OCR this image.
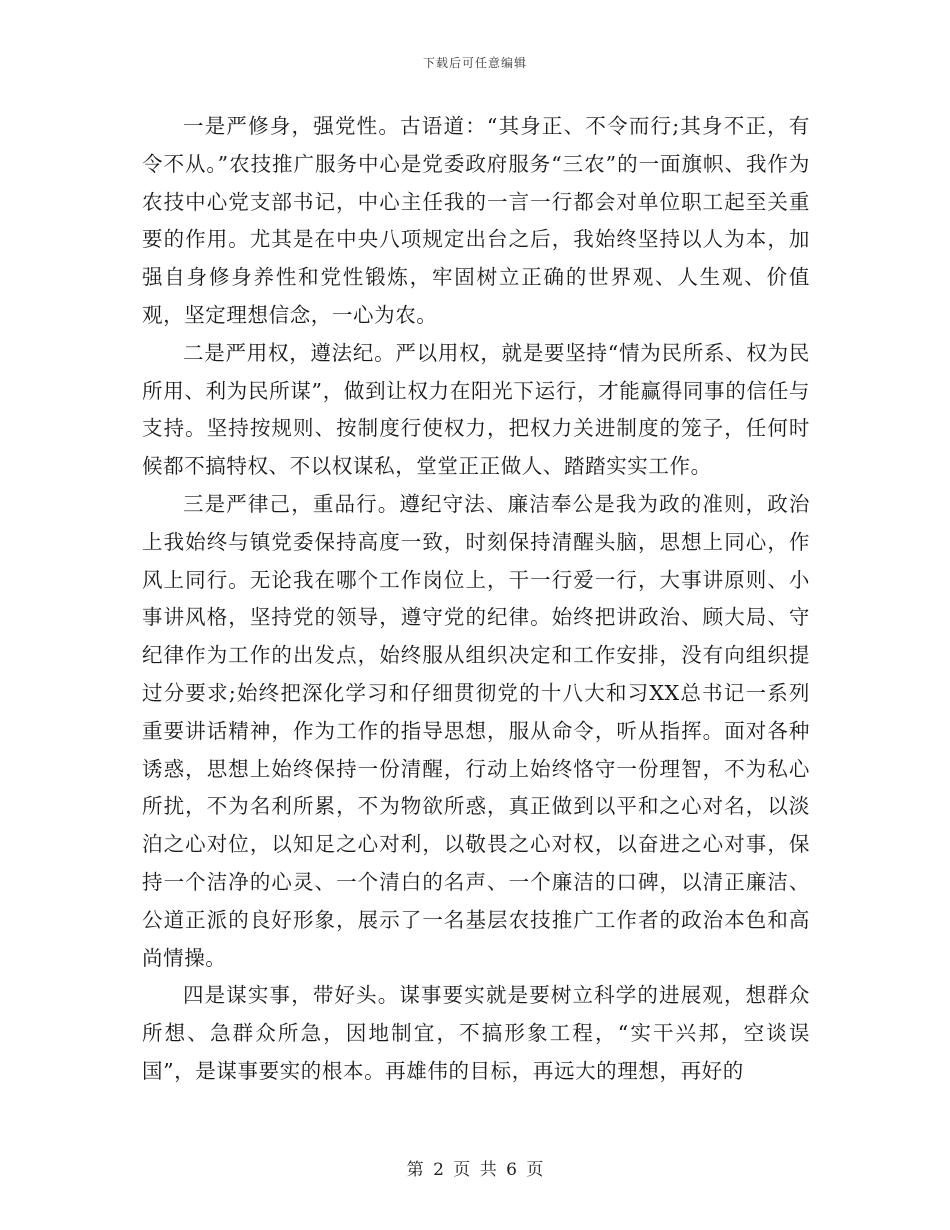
下载后可任意编辑

一是严修身，强党性。古语道：“其身正、不令而行;其身不正，有令不从。”农技推广服务中心是党委政府服务“三农”的一面旗帜、我作为农技中心党支部书记，中心主任我的一言一行都会对单位职工起至关重要的作用。尤其是在中央八项规定出台之后，我始终坚持以人为本，加强自身修身养性和党性锻炼，牢固树立正确的世界观、人生观、价值观，坚定理想信念，一心为农。

二是严用权，遵法纪。严以用权，就是要坚持“情为民所系、权为民所用、利为民所谋”，做到让权力在阳光下运行，才能赢得同事的信任与支持。坚持按规则、按制度行使权力，把权力关进制度的笼子，任何时候都不搞特权、不以权谋私，堂堂正正做人、踏踏实实工作。

三是严律己，重品行。遵纪守法、廉洁奉公是我为政的准则，政治上我始终与镇党委保持高度一致，时刻保持清醒头脑，思想上同心，作风上同行。无论我在哪个工作岗位上，干一行爱一行，大事讲原则、小事讲风格，坚持党的领导，遵守党的纪律。始终把讲政治、顾大局、守纪律作为工作的出发点，始终服从组织决定和工作安排，没有向组织提过分要求;始终把深化学习和仔细贯彻党的十八大和习XX总书记一系列重要讲话精神，作为工作的指导思想，服从命令，听从指挥。面对各种诱惑，思想上始终保持一份清醒，行动上始终恪守一份理智，不为私心所扰，不为名利所累，不为物欲所惑，真正做到以平和之心对名，以淡泊之心对位，以知足之心对利，以敬畏之心对权，以奋进之心对事，保持一个洁净的心灵、一个清白的名声、一个廉洁的口碑，以清正廉洁、公道正派的良好形象，展示了一名基层农技推广工作者的政治本色和高尚情操。

四是谋实事，带好头。谋事要实就是要树立科学的进展观，想群众所想、急群众所急，因地制宜，不搞形象工程，“实干兴邦，空谈误国”，是谋事要实的根本。再雄伟的目标，再远大的理想，再好的

第 2 页 共 6 页
